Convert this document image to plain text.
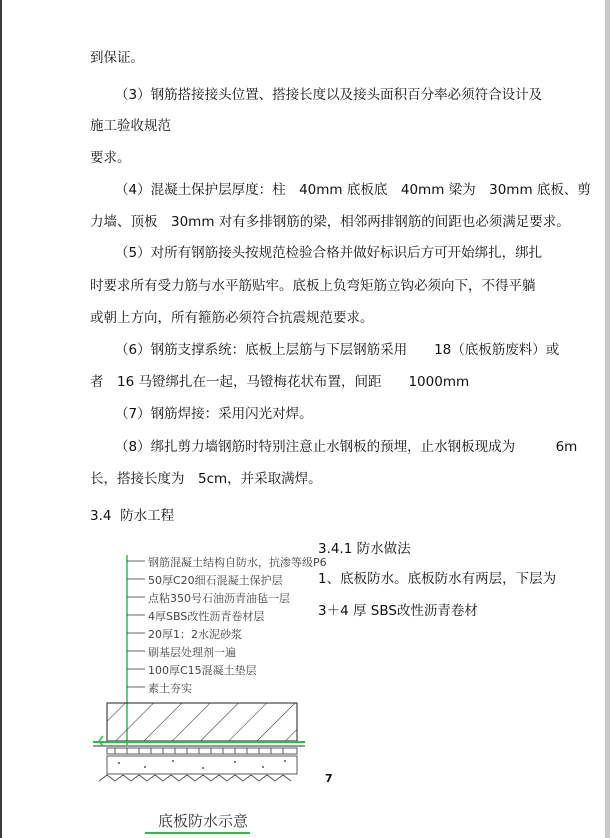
到保证。
（3）钢筋搭接接头位置、搭接长度以及接头面积百分率必须符合设计及
施工验收规范
要求。
（4）混凝土保护层厚度：柱　40mm 底板底　40mm 梁为　30mm 底板、剪
力墙、顶板　30mm 对有多排钢筋的梁，相邻两排钢筋的间距也必须满足要求。
（5）对所有钢筋接头按规范检验合格并做好标识后方可开始绑扎，绑扎
时要求所有受力筋与水平筋贴牢。底板上负弯矩筋立钩必须向下，不得平躺
或朝上方向，所有箍筋必须符合抗震规范要求。
（6）钢筋支撑系统：底板上层筋与下层钢筋采用　　18（底板筋废料）或
者　16 马镫绑扎在一起，马镫梅花状布置，间距　　1000mm
（7）钢筋焊接：采用闪光对焊。
（8）绑扎剪力墙钢筋时特别注意止水钢板的预埋，止水钢板现成为　　　6m
长，搭接长度为　5cm，并采取满焊。
3.4 防水工程
3.4.1 防水做法
1、底板防水。底板防水有两层，下层为
3＋4 厚 SBS改性沥青卷材
钢筋混凝土结构自防水，抗渗等级P6
50厚C20细石混凝土保护层
点粘350号石油沥青油毡一层
4厚SBS改性沥青卷材层
20厚1：2水泥砂浆
刷基层处理剂一遍
100厚C15混凝土垫层
素土夯实
7
底板防水示意
